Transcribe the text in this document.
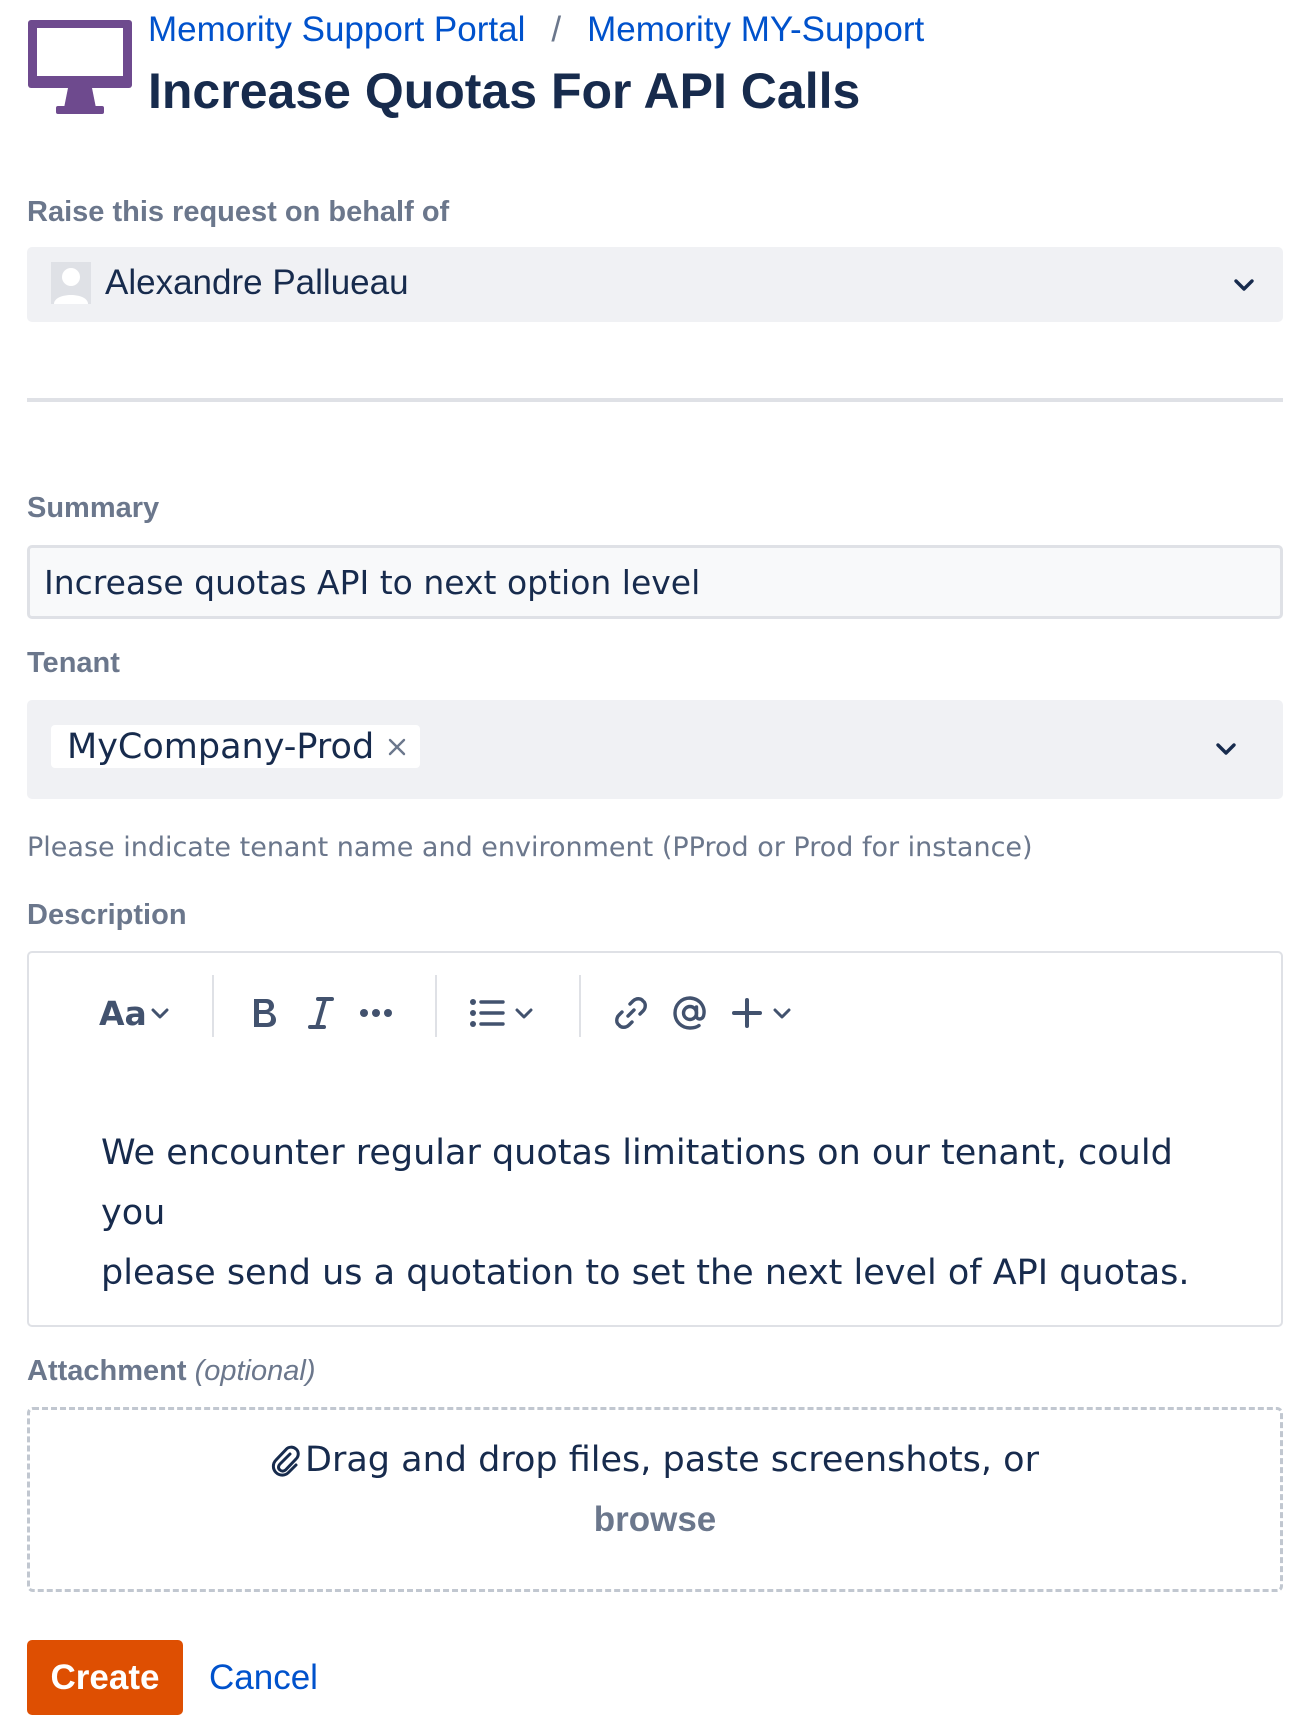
Memority Support Portal / Memority MY-Support
Increase Quotas For API Calls
Raise this request on behalf of
Alexandre Pallueau
Summary
Increase quotas API to next option level
Tenant
MyCompany-Prod
Please indicate tenant name and environment (PProd or Prod for instance)
Description
Aa
We encounter regular quotas limitations on our tenant, could you
please send us a quotation to set the next level of API quotas.
Attachment (optional)
Drag and drop files, paste screenshots, or
browse
Create	Cancel
